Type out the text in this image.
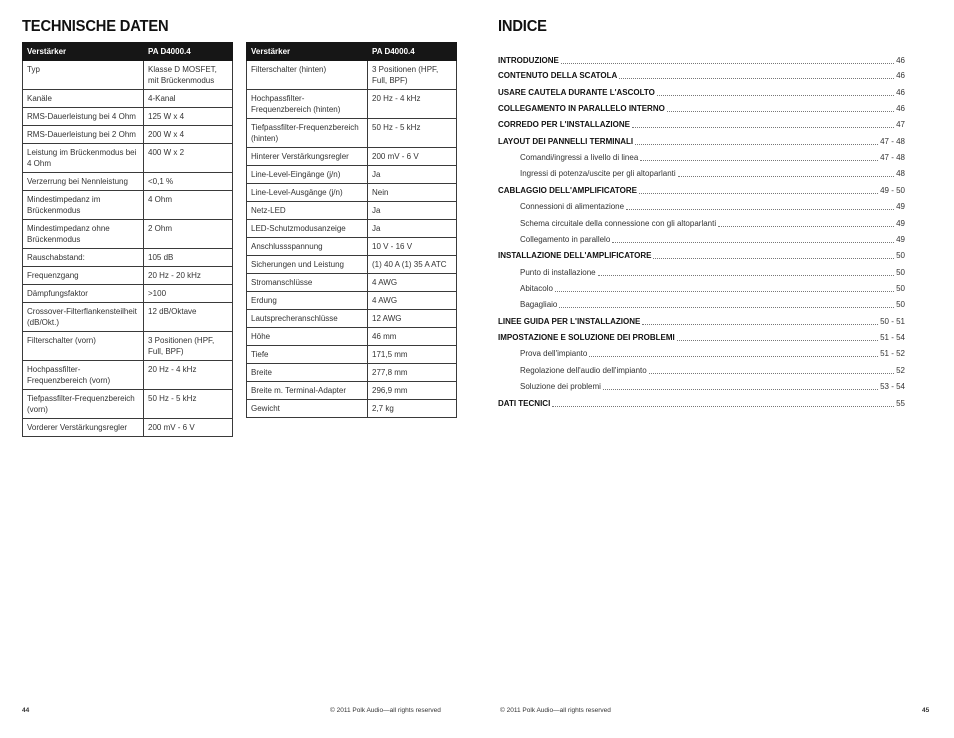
TECHNISCHE DATEN
Verstärker	PA D4000.4
Typ	Klasse D MOSFET, mit Brückenmodus
Kanäle	4-Kanal
RMS-Dauerleistung bei 4 Ohm	125 W x 4
RMS-Dauerleistung bei 2 Ohm	200 W x 4
Leistung im Brückenmodus bei 4 Ohm	400 W x 2
Verzerrung bei Nennleistung	<0,1 %
Mindestimpedanz im Brückenmodus	4 Ohm
Mindestimpedanz ohne Brückenmodus	2 Ohm
Rauschabstand:	105 dB
Frequenzgang	20 Hz - 20 kHz
Dämpfungsfaktor	>100
Crossover-Filterflankensteilheit (dB/Okt.)	12 dB/Oktave
Filterschalter (vorn)	3 Positionen (HPF, Full, BPF)
Hochpassfilter-Frequenzbereich (vorn)	20 Hz - 4 kHz
Tiefpassfilter-Frequenzbereich (vorn)	50 Hz - 5 kHz
Vorderer Verstärkungsregler	200 mV - 6 V
Verstärker	PA D4000.4
Filterschalter (hinten)	3 Positionen (HPF, Full, BPF)
Hochpassfilter-Frequenzbereich (hinten)	20 Hz - 4 kHz
Tiefpassfilter-Frequenzbereich (hinten)	50 Hz - 5 kHz
Hinterer Verstärkungsregler	200 mV - 6 V
Line-Level-Eingänge (j/n)	Ja
Line-Level-Ausgänge (j/n)	Nein
Netz-LED	Ja
LED-Schutzmodusanzeige	Ja
Anschlussspannung	10 V - 16 V
Sicherungen und Leistung	(1) 40 A (1) 35 A ATC
Stromanschlüsse	4 AWG
Erdung	4 AWG
Lautsprecheranschlüsse	12 AWG
Höhe	46 mm
Tiefe	171,5 mm
Breite	277,8 mm
Breite m. Terminal-Adapter	296,9 mm
Gewicht	2,7 kg
44	© 2011 Polk Audio—all rights reserved
INDICE
INTRODUZIONE	46
CONTENUTO DELLA SCATOLA	46
USARE CAUTELA DURANTE L'ASCOLTO	46
COLLEGAMENTO IN PARALLELO INTERNO	46
CORREDO PER L'INSTALLAZIONE	47
LAYOUT DEI PANNELLI TERMINALI	47 - 48
Comandi/ingressi a livello di linea	47 - 48
Ingressi di potenza/uscite per gli altoparlanti	48
CABLAGGIO DELL'AMPLIFICATORE	49 - 50
Connessioni di alimentazione	49
Schema circuitale della connessione con gli altoparlanti	49
Collegamento in parallelo	49
INSTALLAZIONE DELL'AMPLIFICATORE	50
Punto di installazione	50
Abitacolo	50
Bagagliaio	50
LINEE GUIDA PER L'INSTALLAZIONE	50 - 51
IMPOSTAZIONE E SOLUZIONE DEI PROBLEMI	51 - 54
Prova dell'impianto	51 - 52
Regolazione dell'audio dell'impianto	52
Soluzione dei problemi	53 - 54
DATI TECNICI	55
© 2011 Polk Audio—all rights reserved	45
